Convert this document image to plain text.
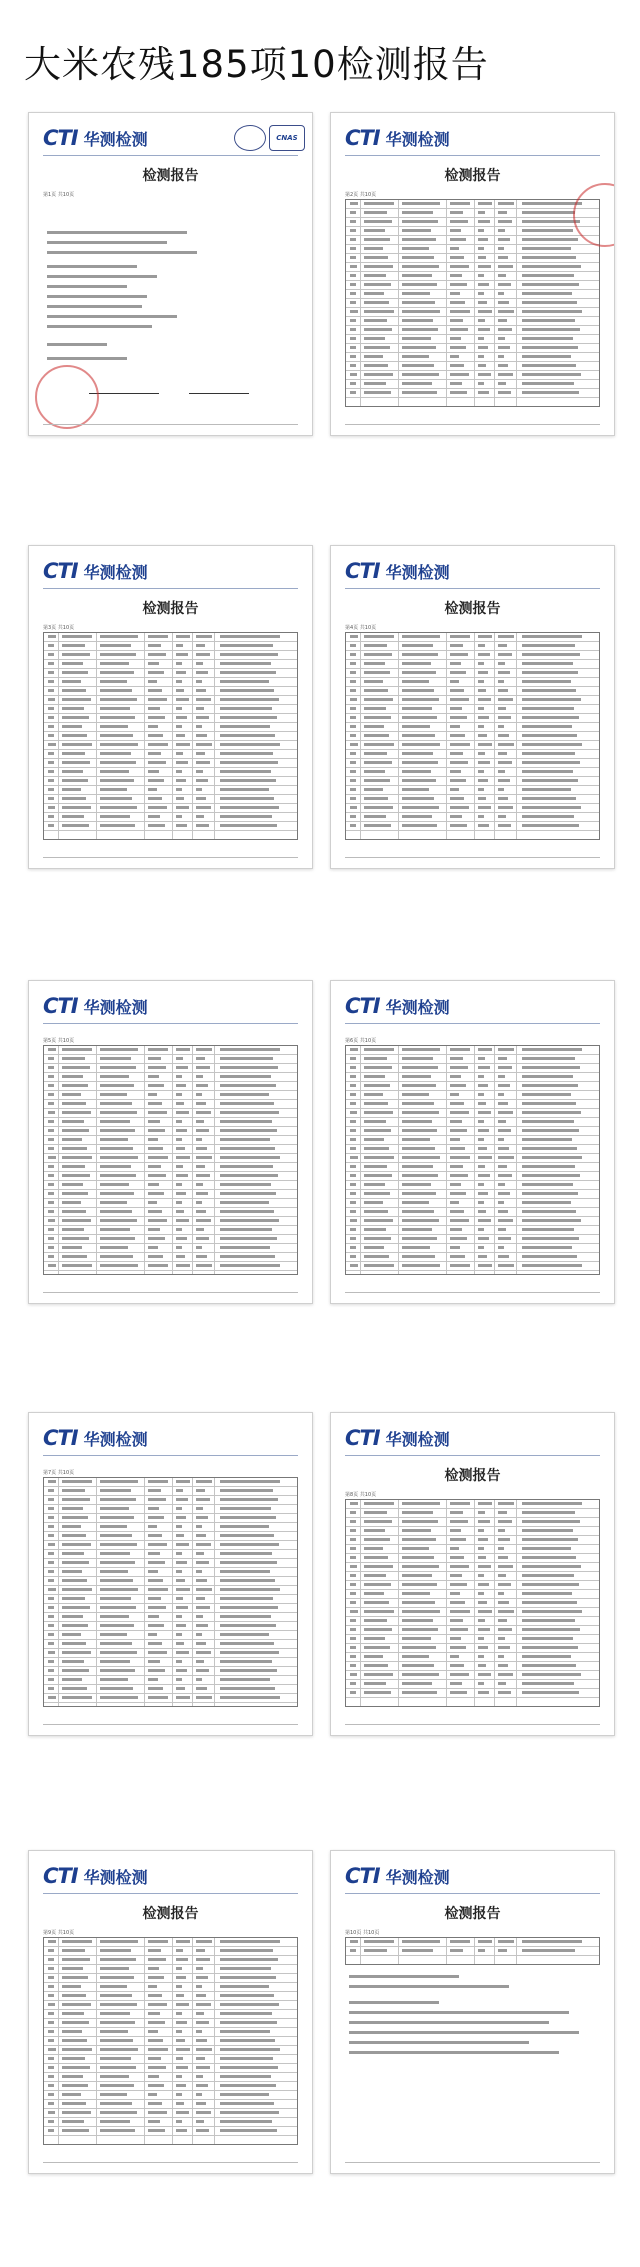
大米农残185项10检测报告
CTI 华测检测	CNAS
检测报告
第1页 共10页
CTI 华测检测
检测报告
第2页 共10页
CTI 华测检测
检测报告
第3页 共10页
CTI 华测检测
检测报告
第4页 共10页
CTI 华测检测
第5页 共10页
CTI 华测检测
第6页 共10页
CTI 华测检测
第7页 共10页
CTI 华测检测
检测报告
第8页 共10页
CTI 华测检测
检测报告
第9页 共10页
CTI 华测检测
检测报告
第10页 共10页
